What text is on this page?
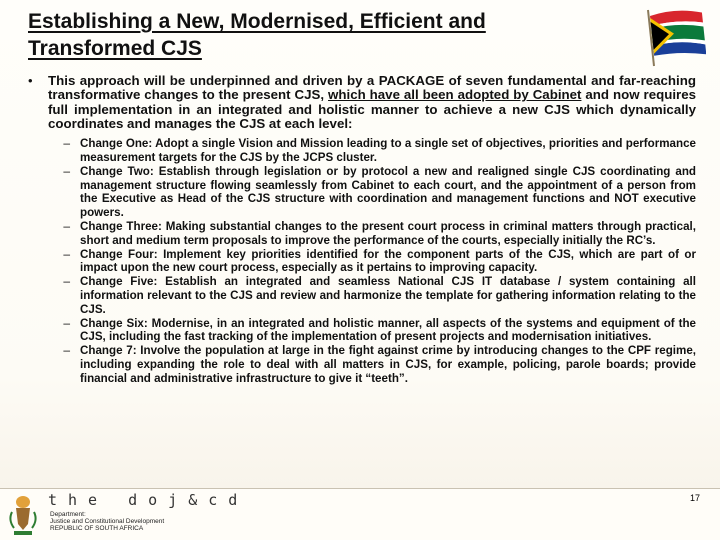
Establishing a New, Modernised, Efficient and
Transformed CJS
•	This approach will be underpinned and driven by a PACKAGE of seven fundamental and far-reaching transformative changes to the present CJS, which have all been adopted by Cabinet and now requires full implementation in an integrated and holistic manner to achieve a new CJS which dynamically coordinates and manages the CJS at each level:
– Change One: Adopt a single Vision and Mission leading to a single set of objectives, priorities and performance measurement targets for the CJS by the JCPS cluster.
– Change Two: Establish through legislation or by protocol a new and realigned single CJS coordinating and management structure flowing seamlessly from Cabinet to each court, and the appointment of a person from the Executive as Head of the CJS structure with coordination and management functions and NOT executive powers.
– Change Three: Making substantial changes to the present court process in criminal matters through practical, short and medium term proposals to improve the performance of the courts, especially initially the RC’s.
– Change Four: Implement key priorities identified for the component parts of the CJS, which are part of or impact upon the new court process, especially as it pertains to improving capacity.
– Change Five: Establish an integrated and seamless National CJS IT database / system containing all information relevant to the CJS and review and harmonize the template for gathering information relating to the CJS.
– Change Six: Modernise, in an integrated and holistic manner, all aspects of the systems and equipment of the CJS, including the fast tracking of the implementation of present projects and modernisation initiatives.
– Change 7: Involve the population at large in the fight against crime by introducing changes to the CPF regime, including expanding the role to deal with all matters in CJS, for example, policing, parole boards; provide financial and administrative infrastructure to give it “teeth”.
the doj&cd
Department:
Justice and Constitutional Development
REPUBLIC OF SOUTH AFRICA
17
